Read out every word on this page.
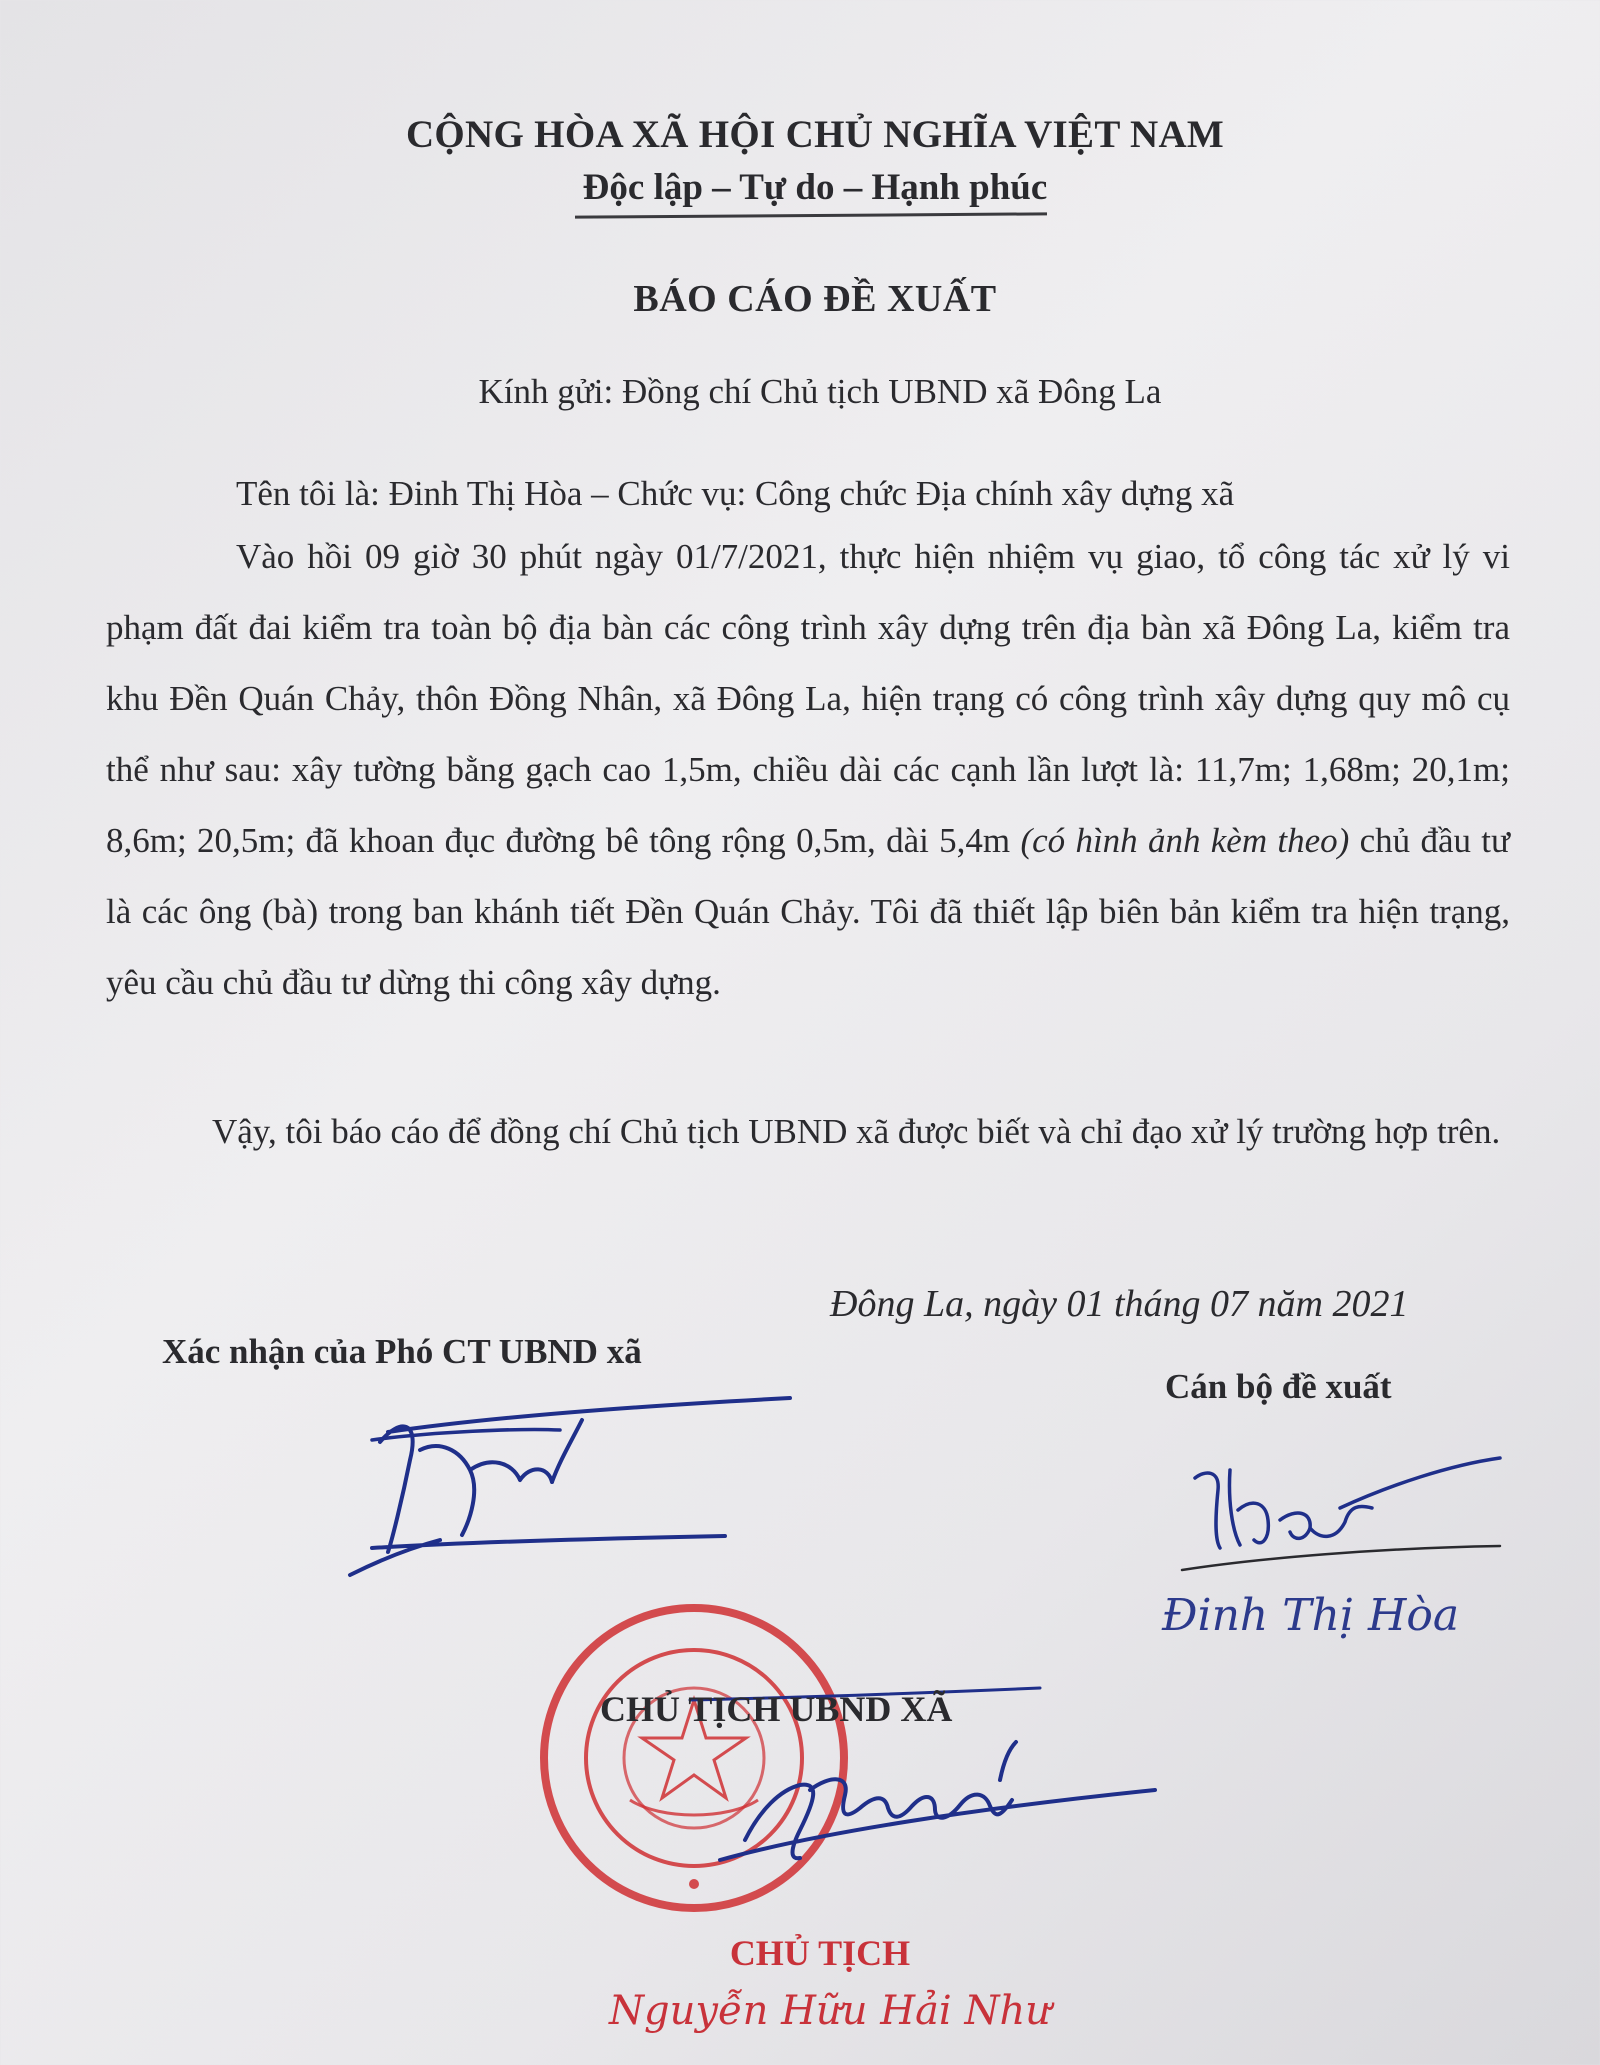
CỘNG HÒA XÃ HỘI CHỦ NGHĨA VIỆT NAM
Độc lập – Tự do – Hạnh phúc
BÁO CÁO ĐỀ XUẤT
Kính gửi: Đồng chí Chủ tịch UBND xã Đông La
Tên tôi là: Đinh Thị Hòa – Chức vụ: Công chức Địa chính xây dựng xã
Vào hồi 09 giờ 30 phút ngày 01/7/2021, thực hiện nhiệm vụ giao, tổ công tác xử lý vi phạm đất đai kiểm tra toàn bộ địa bàn các công trình xây dựng trên địa bàn xã Đông La, kiểm tra khu Đền Quán Chảy, thôn Đồng Nhân, xã Đông La, hiện trạng có công trình xây dựng quy mô cụ thể như sau: xây tường bằng gạch cao 1,5m, chiều dài các cạnh lần lượt là: 11,7m; 1,68m; 20,1m; 8,6m; 20,5m; đã khoan đục đường bê tông rộng 0,5m, dài 5,4m (có hình ảnh kèm theo) chủ đầu tư là các ông (bà) trong ban khánh tiết Đền Quán Chảy. Tôi đã thiết lập biên bản kiểm tra hiện trạng, yêu cầu chủ đầu tư dừng thi công xây dựng.
Vậy, tôi báo cáo để đồng chí Chủ tịch UBND xã được biết và chỉ đạo xử lý trường hợp trên.
Đông La, ngày 01 tháng 07 năm 2021
Xác nhận của Phó CT UBND xã
Cán bộ đề xuất
Đinh Thị Hòa
CHỦ TỊCH UBND XÃ
CHỦ TỊCH
Nguyễn Hữu Hải Như
